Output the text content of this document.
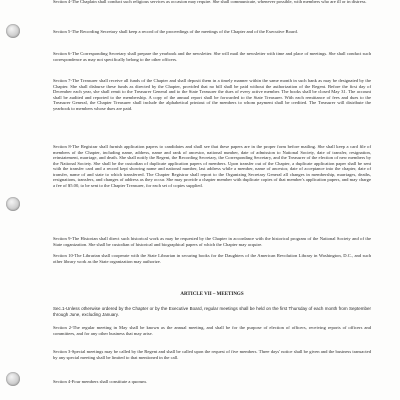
Section 4-The Chaplain shall conduct such religious services as occasion may require. She shall communicate, whenever possible, with members who are ill or in distress.

Section 5-The Recording Secretary shall keep a record of the proceedings of the meetings of the Chapter and of the Executive Board.

Section 6-The Corresponding Secretary shall prepare the yearbook and the newsletter. She will mail the newsletter with time and place of meetings. She shall conduct such correspondence as may not specifically belong to the other officers.

Section 7-The Treasurer shall receive all funds of the Chapter and shall deposit them in a timely manner within the same month in such bank as may be designated by the Chapter. She shall disburse these funds as directed by the Chapter, provided that no bill shall be paid without the authorization of the Regent. Before the first day of December each year, she shall remit to the Treasurer General and to the State Treasurer the dues of every active member. The books shall be closed May 31. The account shall be audited and reported to the membership. A copy of the annual report shall be forwarded to the State Treasurer. With each remittance of fees and dues to the Treasurer General, the Chapter Treasurer shall include the alphabetical printout of the members to whom payment shall be credited. The Treasurer will distribute the yearbook to members whose dues are paid.

Section 8-The Registrar shall furnish application papers to candidates and shall see that these papers are in the proper form before mailing. She shall keep a card file of members of the Chapter, including name, address, name and rank of ancestor, national number, date of admission to National Society, date of transfer, resignation, reinstatement, marriage, and death. She shall notify the Regent, the Recording Secretary, the Corresponding Secretary, and the Treasurer of the election of new members by the National Society. She shall be the custodian of duplicate application papers of members. Upon transfer out of the Chapter, a duplicate application paper shall be sent with the transfer card and a record kept showing name and national number, last address while a member, name of ancestor, date of acceptance into the chapter, date of transfer, name of and state to which transferred. The Chapter Registrar shall report to the Organizing Secretary General all changes in membership, marriages, deaths, resignations, transfers, and changes of address as they occur. She may provide a chapter member with duplicate copies of that member's application papers, and may charge a fee of $5.00, to be sent to the Chapter Treasurer, for each set of copies supplied.

Section 9-The Historian shall direct such historical work as may be requested by the Chapter in accordance with the historical program of the National Society and of the State organization. She shall be custodian of historical and biographical papers of which the Chapter may acquire.

Section 10-The Librarian shall cooperate with the State Librarian in securing books for the Daughters of the American Revolution Library in Washington, D.C., and such other library work as the State organization may authorize.

ARTICLE VII – MEETINGS

Sec.1-Unless otherwise ordered by the Chapter or by the Executive Board, regular meetings shall be held on the first Thursday of each month from September through June, excluding January.

Section 2-The regular meeting in May shall be known as the annual meeting, and shall be for the purpose of election of officers, receiving reports of officers and committees, and for any other business that may arise.

Section 3-Special meetings may be called by the Regent and shall be called upon the request of five members. Three days' notice shall be given and the business transacted by any special meeting shall be limited to that mentioned in the call.

Section 4-Four members shall constitute a quorum.
